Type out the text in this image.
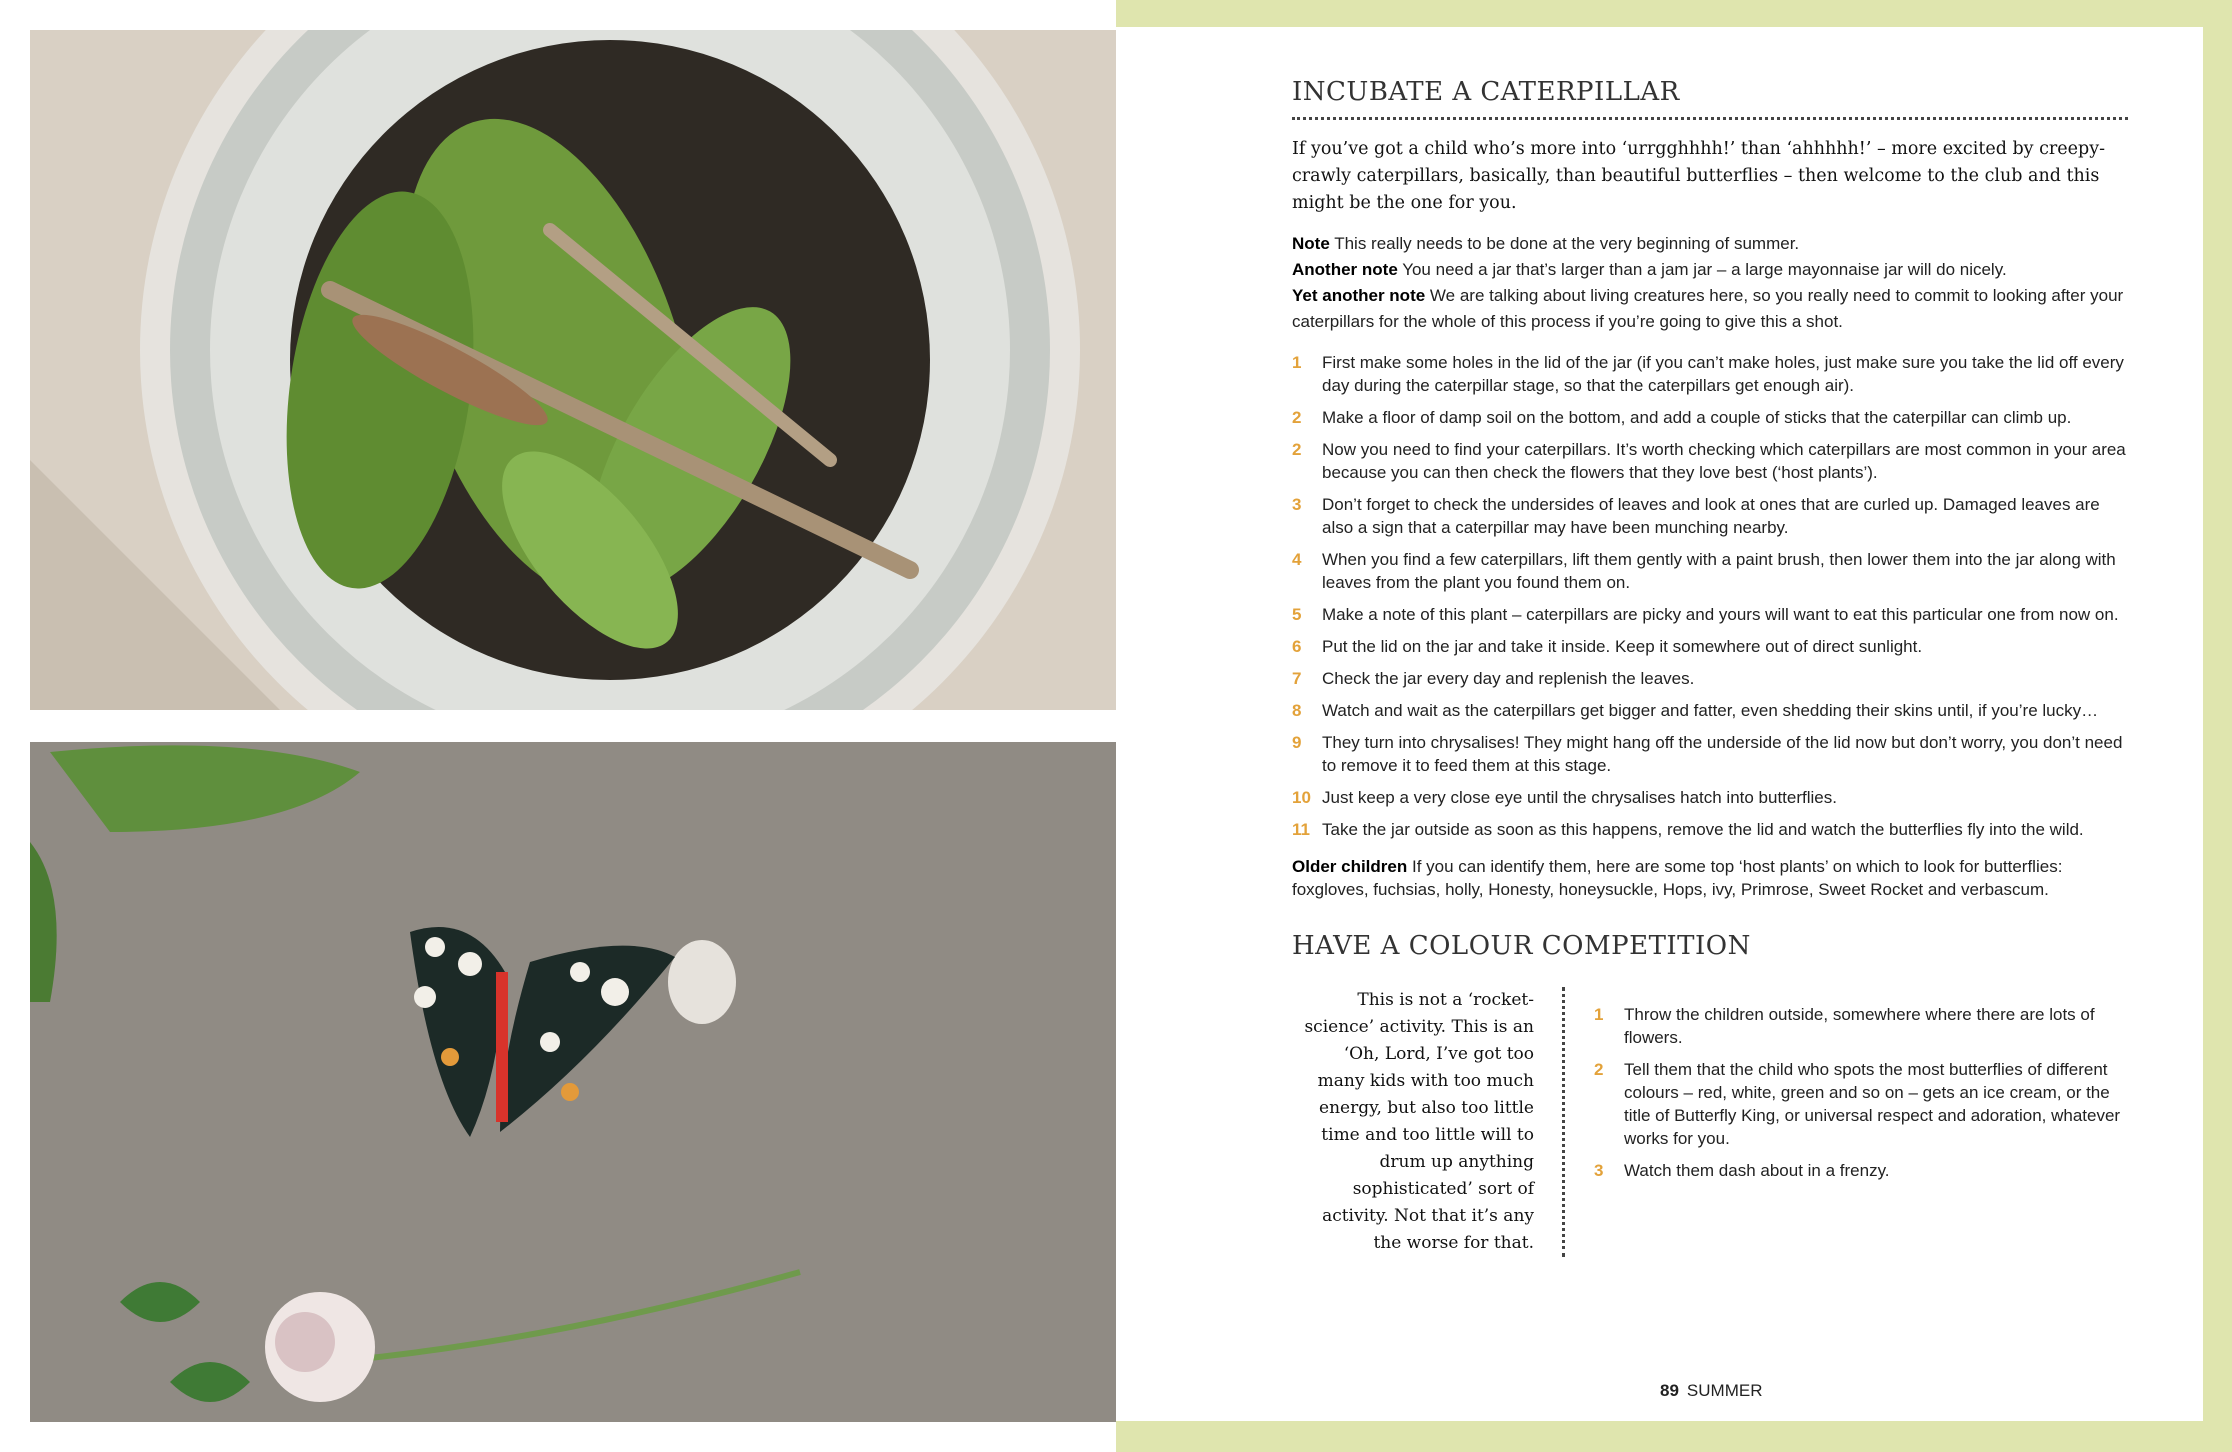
INCUBATE A CATERPILLAR

If you’ve got a child who’s more into ‘urrgghhhh!’ than ‘ahhhhh!’ – more excited by creepy-crawly caterpillars, basically, than beautiful butterflies – then welcome to the club and this might be the one for you.

Note This really needs to be done at the very beginning of summer.

Another note You need a jar that’s larger than a jam jar – a large mayonnaise jar will do nicely.

Yet another note We are talking about living creatures here, so you really need to commit to looking after your caterpillars for the whole of this process if you’re going to give this a shot.

1 First make some holes in the lid of the jar (if you can’t make holes, just make sure you take the lid off every day during the caterpillar stage, so that the caterpillars get enough air).
2 Make a floor of damp soil on the bottom, and add a couple of sticks that the caterpillar can climb up.
2 Now you need to find your caterpillars. It’s worth checking which caterpillars are most common in your area because you can then check the flowers that they love best (‘host plants’).
3 Don’t forget to check the undersides of leaves and look at ones that are curled up. Damaged leaves are also a sign that a caterpillar may have been munching nearby.
4 When you find a few caterpillars, lift them gently with a paint brush, then lower them into the jar along with leaves from the plant you found them on.
5 Make a note of this plant – caterpillars are picky and yours will want to eat this particular one from now on.
6 Put the lid on the jar and take it inside. Keep it somewhere out of direct sunlight.
7 Check the jar every day and replenish the leaves.
8 Watch and wait as the caterpillars get bigger and fatter, even shedding their skins until, if you’re lucky…
9 They turn into chrysalises! They might hang off the underside of the lid now but don’t worry, you don’t need to remove it to feed them at this stage.
10 Just keep a very close eye until the chrysalises hatch into butterflies.
11 Take the jar outside as soon as this happens, remove the lid and watch the butterflies fly into the wild.

Older children If you can identify them, here are some top ‘host plants’ on which to look for butterflies: foxgloves, fuchsias, holly, Honesty, honeysuckle, Hops, ivy, Primrose, Sweet Rocket and verbascum.

HAVE A COLOUR COMPETITION
This is not a ‘rocket-science’ activity. This is an ‘Oh, Lord, I’ve got too many kids with too much energy, but also too little time and too little will to drum up anything sophisticated’ sort of activity. Not that it’s any the worse for that.
1 Throw the children outside, somewhere where there are lots of flowers.
2 Tell them that the child who spots the most butterflies of different colours – red, white, green and so on – gets an ice cream, or the title of Butterfly King, or universal respect and adoration, whatever works for you.
3 Watch them dash about in a frenzy.
89 SUMMER
